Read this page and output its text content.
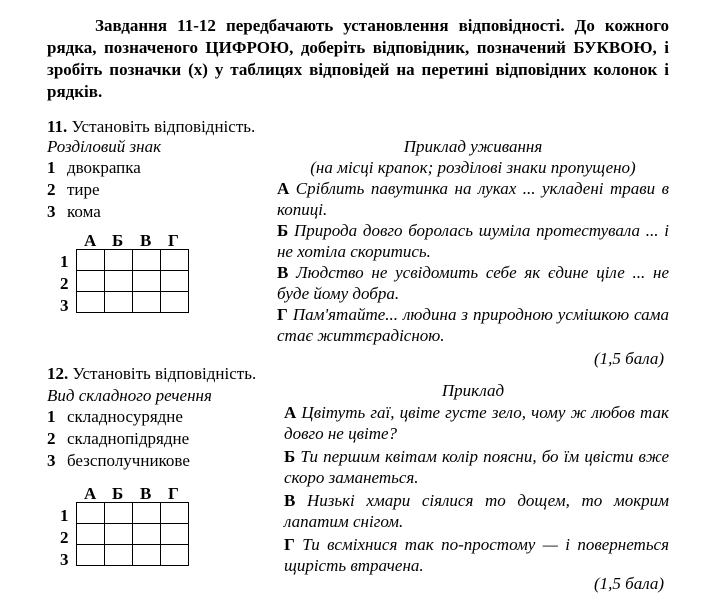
Завдання 11-12 передбачають установлення відповідності. До кожного рядка, позначеного ЦИФРОЮ, доберіть відповідник, позначений БУКВОЮ, і зробіть позначки (х) у таблицях відповідей на перетині відповідних колонок і рядків.
11. Установіть відповідність.
Розділовий знак	Приклад уживання
(на місці крапок; розділові знаки пропущено)
1 двокрапка
2 тире
3 кома

А Сріблить павутинка на луках ... укладені трави в копиці.

Б Природа довго боролась шуміла протестувала ... і не хотіла скоритись.

В Людство не усвідомить себе як єдине ціле ... не буде йому добра.

Г Пам'ятайте... людина з природною усмішкою сама стає життєрадісною.

(1,5 бала)
А Б В Г
1
2
3

12. Установіть відповідність.
Вид складного речення	Приклад
1 складносурядне
2 складнопідрядне
3 безсполучникове

А Цвітуть гаї, цвіте густе зело, чому ж любов так довго не цвіте?

Б Ти першим квітам колір поясни, бо їм цвісти вже скоро заманеться.

В Низькі хмари сіялися то дощем, то мокрим лапатим снігом.

Г Ти всміхнися так по-простому — і повернеться щирість втрачена.

(1,5 бала)
А Б В Г
1
2
3
